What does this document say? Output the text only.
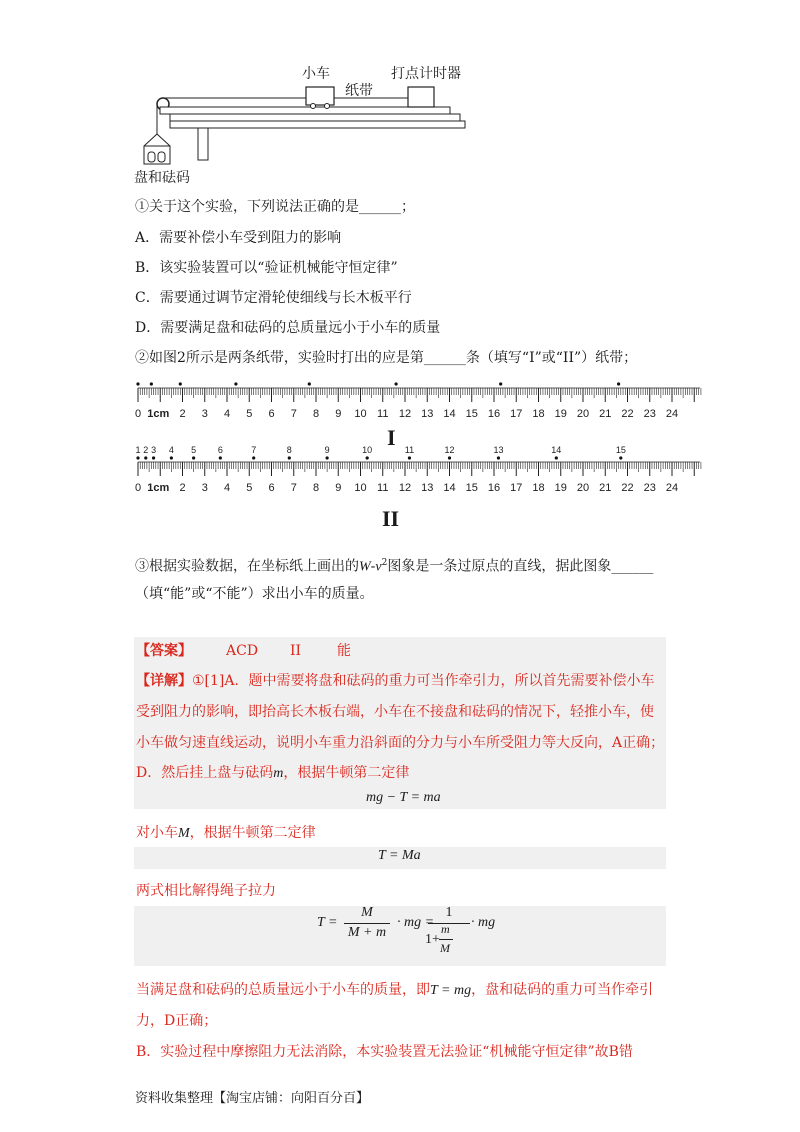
小车
纸带
打点计时器
盘和砝码
①关于这个实验，下列说法正确的是______；
A．需要补偿小车受到阻力的影响
B．该实验装置可以“验证机械能守恒定律”
C．需要通过调节定滑轮使细线与长木板平行
D．需要满足盘和砝码的总质量远小于小车的质量
②如图2所示是两条纸带，实验时打出的应是第______条（填写“I”或“II”）纸带；
0 1cm 2 3 4 5 6 7 8 9 10 11 12 13 14 15 16 17 18 19 20 21 22 23 24
I
0 1cm 2 3 4 5 6 7 8 9 10 11 12 13 14 15 16 17 18 19 20 21 22 23 24
1 2 3 4 5 6	7	8	9	10	11	12	13	14	15
II
③根据实验数据，在坐标纸上画出的$W-v^2$图象是一条过原点的直线，据此图象______
（填“能”或“不能”）求出小车的质量。
【答案】 ACD II	能
【详解】①[1]A．题中需要将盘和砝码的重力可当作牵引力，所以首先需要补偿小车
受到阻力的影响，即抬高长木板右端，小车在不接盘和砝码的情况下，轻推小车，使
小车做匀速直线运动，说明小车重力沿斜面的分力与小车所受阻力等大反向，A正确；
D．然后挂上盘与砝码m，根据牛顿第二定律
mg − T = ma
对小车M，根据牛顿第二定律
T = Ma
两式相比解得绳子拉力
T =
M
M + m
· mg =
1
1+
m
M
· mg
当满足盘和砝码的总质量远小于小车的质量，即T = mg，盘和砝码的重力可当作牵引
力，D正确；
B．实验过程中摩擦阻力无法消除，本实验装置无法验证“机械能守恒定律”故B错
资料收集整理【淘宝店铺：向阳百分百】
